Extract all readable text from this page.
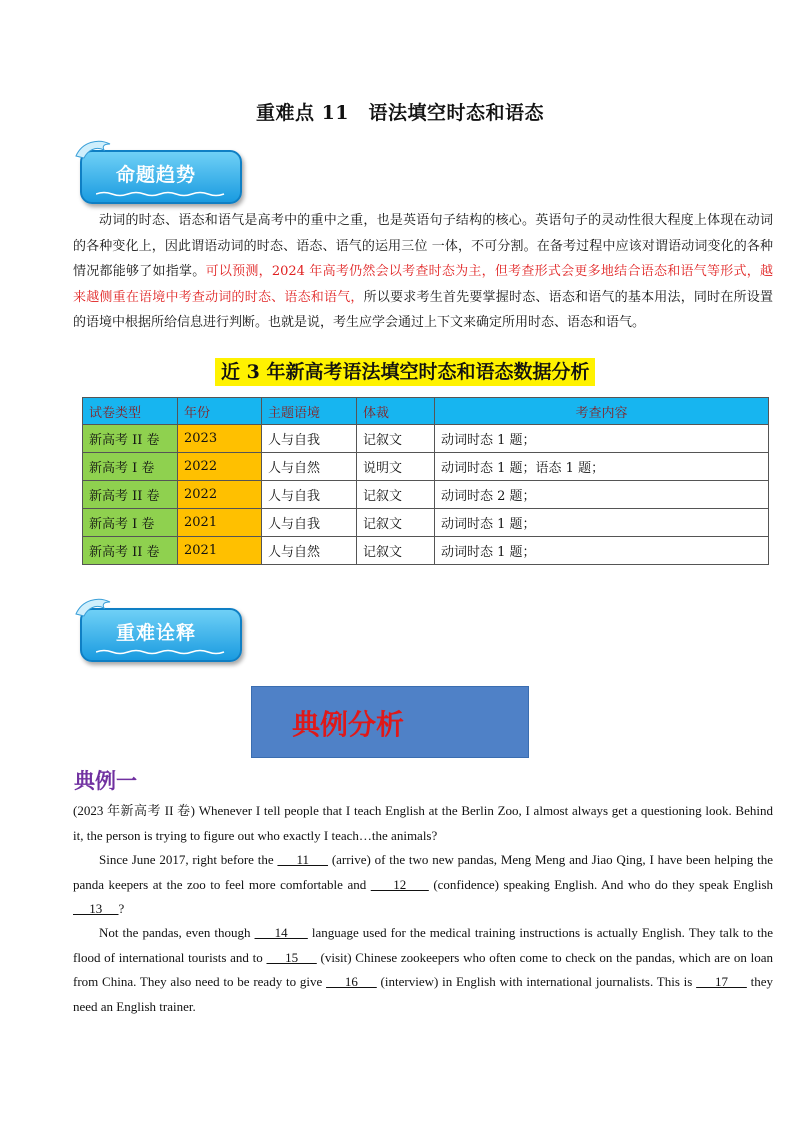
重难点 11　语法填空时态和语态
命题趋势
动词的时态、语态和语气是高考中的重中之重，也是英语句子结构的核心。英语句子的灵动性很大程度上体现在动词的各种变化上，因此谓语动词的时态、语态、语气的运用三位 一体，不可分割。在备考过程中应该对谓语动词变化的各种情况都能够了如指掌。可以预测，2024 年高考仍然会以考查时态为主，但考查形式会更多地结合语态和语气等形式，越来越侧重在语境中考查动词的时态、语态和语气，所以要求考生首先要掌握时态、语态和语气的基本用法，同时在所设置的语境中根据所给信息进行判断。也就是说，考生应学会通过上下文来确定所用时态、语态和语气。
近 3 年新高考语法填空时态和语态数据分析
试卷类型	年份	主题语境	体裁	考查内容
新高考 II 卷	2023	人与自我	记叙文	动词时态 1 题；
新高考 I 卷	2022	人与自然	说明文	动词时态 1 题；语态 1 题；
新高考 II 卷	2022	人与自我	记叙文	动词时态 2 题；
新高考 I 卷	2021	人与自我	记叙文	动词时态 1 题；
新高考 II 卷	2021	人与自然	记叙文	动词时态 1 题；
重难诠释
典例分析
典例一
(2023 年新高考 II 卷) Whenever I tell people that I teach English at the Berlin Zoo, I almost always get a questioning look. Behind it, the person is trying to figure out who exactly I teach…the animals?
Since June 2017, right before the      11      (arrive) of the two new pandas, Meng Meng and Jiao Qing, I have been helping the panda keepers at the zoo to feel more comfortable and      12      (confidence) speaking English. And who do they speak English      13     ?
Not the pandas, even though      14      language used for the medical training instructions is actually English. They talk to the flood of international tourists and to      15      (visit) Chinese zookeepers who often come to check on the pandas, which are on loan from China. They also need to be ready to give      16      (interview) in English with international journalists. This is      17      they need an English trainer.
